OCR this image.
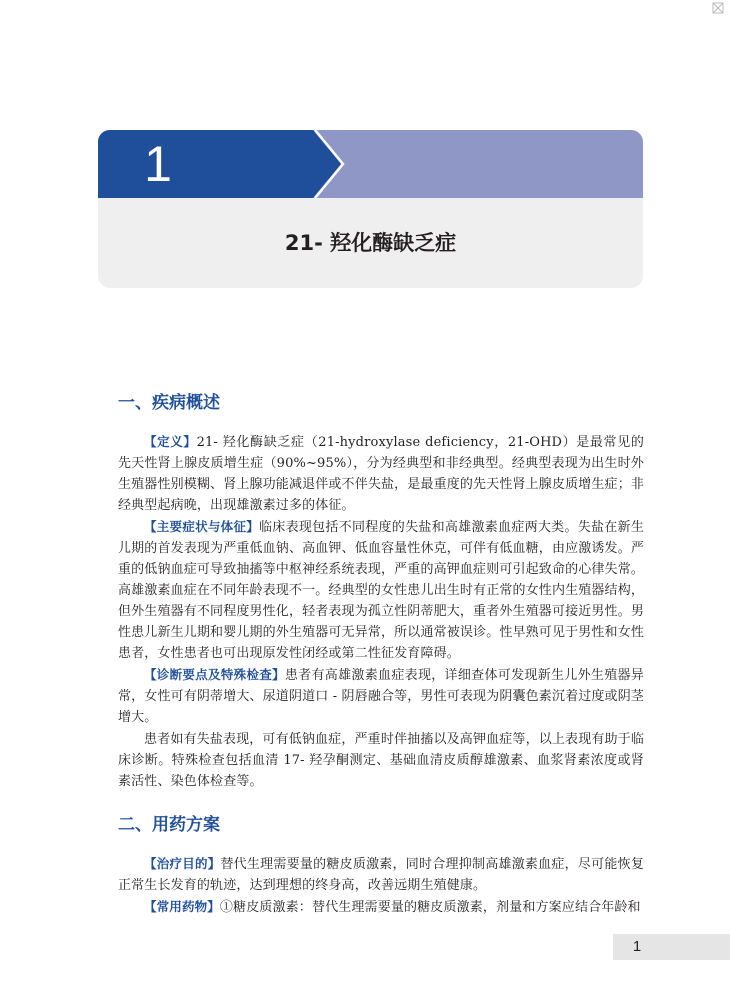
1
21- 羟化酶缺乏症
一、疾病概述

【定义】21- 羟化酶缺乏症（21-hydroxylase deficiency，21-OHD）是最常见的先天性肾上腺皮质增生症（90%~95%），分为经典型和非经典型。经典型表现为出生时外生殖器性别模糊、肾上腺功能减退伴或不伴失盐，是最重度的先天性肾上腺皮质增生症；非经典型起病晚，出现雄激素过多的体征。

【主要症状与体征】临床表现包括不同程度的失盐和高雄激素血症两大类。失盐在新生儿期的首发表现为严重低血钠、高血钾、低血容量性休克，可伴有低血糖，由应激诱发。严重的低钠血症可导致抽搐等中枢神经系统表现，严重的高钾血症则可引起致命的心律失常。高雄激素血症在不同年龄表现不一。经典型的女性患儿出生时有正常的女性内生殖器结构，但外生殖器有不同程度男性化，轻者表现为孤立性阴蒂肥大，重者外生殖器可接近男性。男性患儿新生儿期和婴儿期的外生殖器可无异常，所以通常被误诊。性早熟可见于男性和女性患者，女性患者也可出现原发性闭经或第二性征发育障碍。

【诊断要点及特殊检查】患者有高雄激素血症表现，详细查体可发现新生儿外生殖器异常，女性可有阴蒂增大、尿道阴道口 - 阴唇融合等，男性可表现为阴囊色素沉着过度或阴茎增大。

患者如有失盐表现，可有低钠血症，严重时伴抽搐以及高钾血症等，以上表现有助于临床诊断。特殊检查包括血清 17- 羟孕酮测定、基础血清皮质醇雄激素、血浆肾素浓度或肾素活性、染色体检查等。

二、用药方案

【治疗目的】替代生理需要量的糖皮质激素，同时合理抑制高雄激素血症，尽可能恢复正常生长发育的轨迹，达到理想的终身高，改善远期生殖健康。

【常用药物】①糖皮质激素：替代生理需要量的糖皮质激素，剂量和方案应结合年龄和

1
